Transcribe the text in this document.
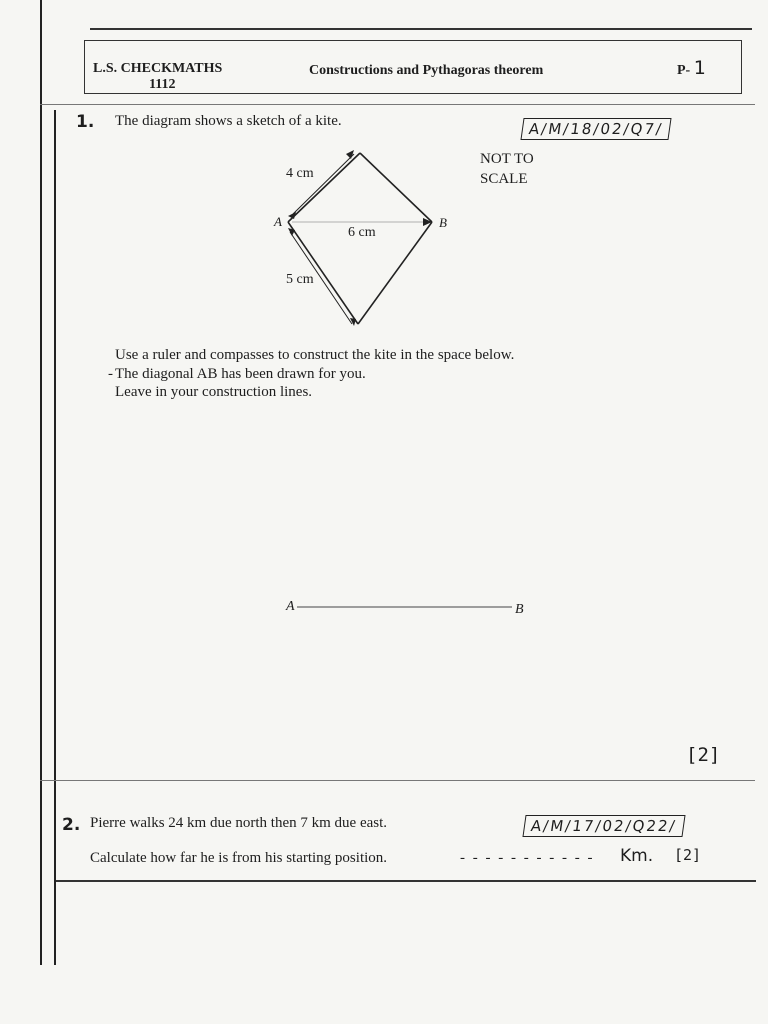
L.S. CHECKMATHS
1112
Constructions and Pythagoras theorem	P- 1
1. The diagram shows a sketch of a kite.	A/M/18/02/Q7/
NOT TO
SCALE
4 cm
A	B
6 cm
5 cm
Use a ruler and compasses to construct the kite in the space below.
- The diagonal AB has been drawn for you.
Leave in your construction lines.
A	B
[2]
2. Pierre walks 24 km due north then 7 km due east.	A/M/17/02/Q22/
Calculate how far he is from his starting position.	- - - - - - - - - - - Km. [2]
